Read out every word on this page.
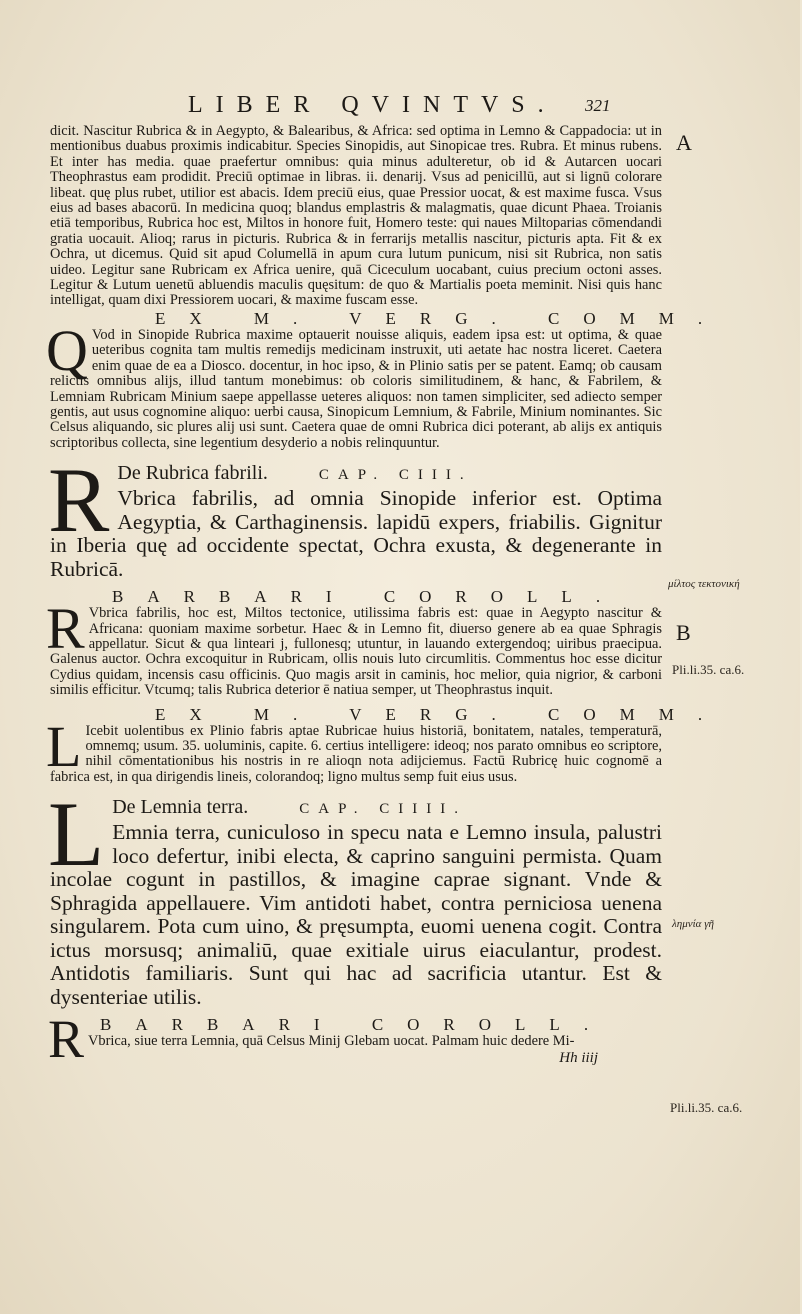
LIBER QVINTVS. 321
A
μίλτος τεκτονική
B
Pli.li.35. ca.6.
λημνία γῆ
Pli.li.35. ca.6.

dicit. Nascitur Rubrica & in Aegypto, & Balearibus, & Africa: sed optima in Lemno & Cappadocia: ut in mentionibus duabus proximis indicabitur. Species Sinopidis, aut Sinopicae tres. Rubra. Et minus rubens. Et inter has media. quae praefertur omnibus: quia minus adulteretur, ob id & Autarcen uocari Theophrastus eam prodidit. Preciū optimae in libras. ii. denarij. Vsus ad penicillū, aut si lignū colorare libeat. quę plus rubet, utilior est abacis. Idem preciū eius, quae Pressior uocat, & est maxime fusca. Vsus eius ad bases abacorū. In medicina quoq; blandus emplastris & malagmatis, quae dicunt Phaea. Troianis etiā temporibus, Rubrica hoc est, Miltos in honore fuit, Homero teste: qui naues Miltoparias cōmendandi gratia uocauit. Alioq; rarus in picturis. Rubrica & in ferrarijs metallis nascitur, picturis apta. Fit & ex Ochra, ut dicemus. Quid sit apud Columellā in apum cura lutum punicum, nisi sit Rubrica, non satis uideo. Legitur sane Rubricam ex Africa uenire, quā Ciceculum uocabant, cuius precium octoni asses. Legitur & Lutum uenetū abluendis maculis quęsitum: de quo & Martialis poeta meminit. Nisi quis hanc intelligat, quam dixi Pressiorem uocari, & maxime fuscam esse.

EX M. VERG. COMM.
Q Vod in Sinopide Rubrica maxime optauerit nouisse aliquis, eadem ipsa est: ut optima, & quae ueteribus cognita tam multis remedijs medicinam instruxit, uti aetate hac nostra liceret. Caetera enim quae de ea a Diosco. docentur, in hoc ipso, & in Plinio satis per se patent. Eamq; ob causam relictis omnibus alijs, illud tantum monebimus: ob coloris similitudinem, & hanc, & Fabrilem, & Lemniam Rubricam Minium saepe appellasse ueteres aliquos: non tamen simpliciter, sed adiecto semper gentis, aut usus cognomine aliquo: uerbi causa, Sinopicum Lemnium, & Fabrile, Minium nominantes. Sic Celsus aliquando, sic plures alij usi sunt. Caetera quae de omni Rubrica dici poterant, ab alijs ex antiquis scriptoribus collecta, sine legentium desyderio a nobis relinquuntur.

R De Rubrica fabrili.	CAP. CIII.

Vbrica fabrilis, ad omnia Sinopide inferior est. Optima Aegyptia, & Carthaginensis. lapidū expers, friabilis. Gignitur in Iberia quę ad occidente spectat, Ochra exusta, & degenerante in Rubricā.

BARBARI COROLL.
R Vbrica fabrilis, hoc est, Miltos tectonice, utilissima fabris est: quae in Aegypto nascitur & Africana: quoniam maxime sorbetur. Haec & in Lemno fit, diuerso genere ab ea quae Sphragis appellatur. Sicut & qua linteari j, fullonesq; utuntur, in lauando extergendoq; uiribus praecipua. Galenus auctor. Ochra excoquitur in Rubricam, ollis nouis luto circumlitis. Commentus hoc esse dicitur Cydius quidam, incensis casu officinis. Quo magis arsit in caminis, hoc melior, quia nigrior, & carboni similis efficitur. Vtcumq; talis Rubrica deterior ē natiua semper, ut Theophrastus inquit.

EX M. VERG. COMM.
L Icebit uolentibus ex Plinio fabris aptae Rubricae huius historiā, bonitatem, natales, temperaturā, omnemq; usum. 35. uoluminis, capite. 6. certius intelligere: ideoq; nos parato omnibus eo scriptore, nihil cōmentationibus his nostris in re alioqn nota adijciemus. Factū Rubricę huic cognomē a fabrica est, in qua dirigendis lineis, colorandoq; ligno multus semp fuit eius usus.

L De Lemnia terra.	CAP. CIIII.

Emnia terra, cuniculoso in specu nata e Lemno insula, palustri loco defertur, inibi electa, & caprino sanguini permista. Quam incolae cogunt in pastillos, & imagine caprae signant. Vnde & Sphragida appellauere. Vim antidoti habet, contra perniciosa uenena singularem. Pota cum uino, & pręsumpta, euomi uenena cogit. Contra ictus morsusq; animaliū, quae exitiale uirus eiaculantur, prodest. Antidotis familiaris. Sunt qui hac ad sacrificia utantur. Est & dysenteriae utilis.

R BARBARI COROLL.

Vbrica, siue terra Lemnia, quā Celsus Minij Glebam uocat. Palmam huic dedere Mi-

Hh iiij
